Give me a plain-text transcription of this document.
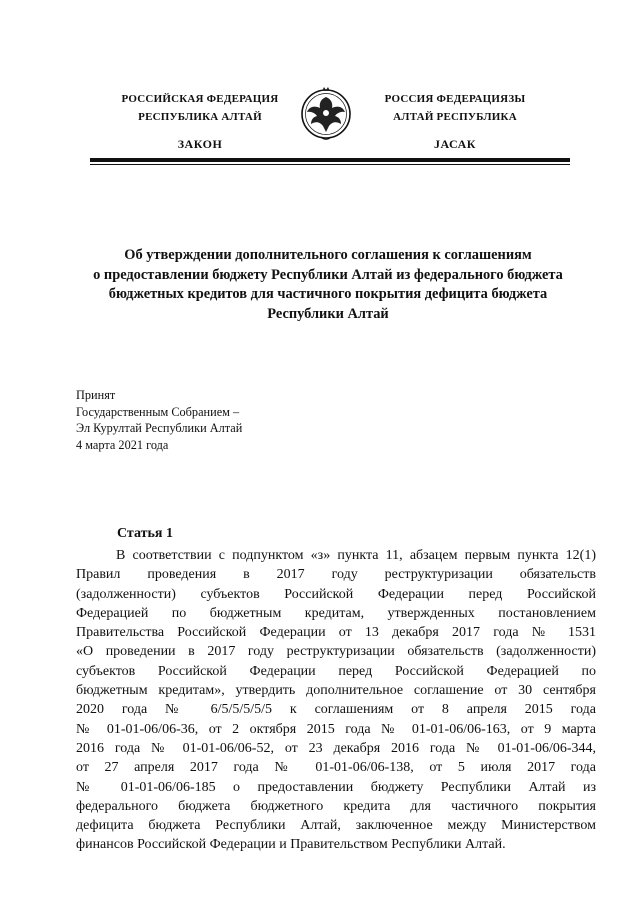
РОССИЙСКАЯ ФЕДЕРАЦИЯ
РЕСПУБЛИКА АЛТАЙ
ЗАКОН
РОССИЯ ФЕДЕРАЦИЯЗЫ
АЛТАЙ РЕСПУБЛИКА
JАСАК
Об утверждении дополнительного соглашения к соглашениям
о предоставлении бюджету Республики Алтай из федерального бюджета
бюджетных кредитов для частичного покрытия дефицита бюджета
Республики Алтай
Принят
Государственным Собранием –
Эл Курултай Республики Алтай
4 марта 2021 года
Статья 1
В соответствии с подпунктом «з» пункта 11, абзацем первым пункта 12(1)
Правил проведения в 2017 году реструктуризации обязательств
(задолженности) субъектов Российской Федерации перед Российской
Федерацией по бюджетным кредитам, утвержденных постановлением
Правительства Российской Федерации от 13 декабря 2017 года № 1531
«О проведении в 2017 году реструктуризации обязательств (задолженности)
субъектов Российской Федерации перед Российской Федерацией по
бюджетным кредитам», утвердить дополнительное соглашение от 30 сентября
2020 года № 6/5/5/5/5/5 к соглашениям от 8 апреля 2015 года
№ 01-01-06/06-36, от 2 октября 2015 года № 01-01-06/06-163, от 9 марта
2016 года № 01-01-06/06-52, от 23 декабря 2016 года № 01-01-06/06-344,
от 27 апреля 2017 года № 01-01-06/06-138, от 5 июля 2017 года
№ 01-01-06/06-185 о предоставлении бюджету Республики Алтай из
федерального бюджета бюджетного кредита для частичного покрытия
дефицита бюджета Республики Алтай, заключенное между Министерством
финансов Российской Федерации и Правительством Республики Алтай.
